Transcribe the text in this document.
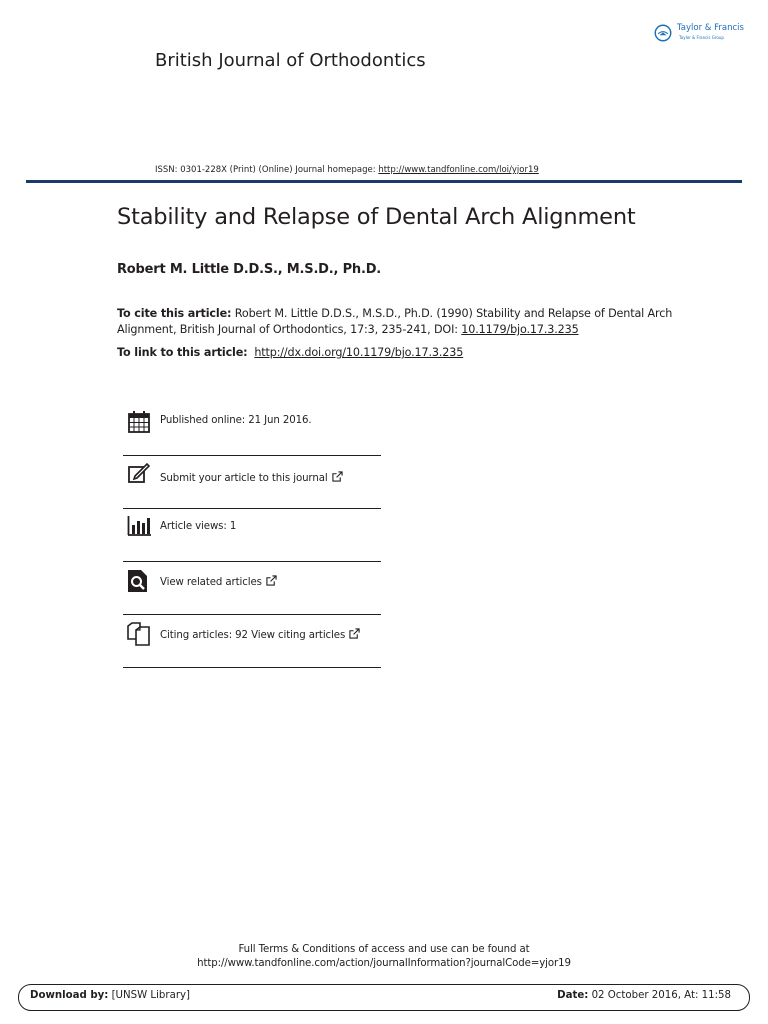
Taylor & Francis
Taylor & Francis Group
British Journal of Orthodontics
ISSN: 0301-228X (Print) (Online) Journal homepage: http://www.tandfonline.com/loi/yjor19
Stability and Relapse of Dental Arch Alignment
Robert M. Little D.D.S., M.S.D., Ph.D.
To cite this article: Robert M. Little D.D.S., M.S.D., Ph.D. (1990) Stability and Relapse of Dental Arch Alignment, British Journal of Orthodontics, 17:3, 235-241, DOI: 10.1179/bjo.17.3.235
To link to this article: http://dx.doi.org/10.1179/bjo.17.3.235
Published online: 21 Jun 2016.
Submit your article to this journal
Article views: 1
View related articles
Citing articles: 92 View citing articles
Full Terms & Conditions of access and use can be found at
http://www.tandfonline.com/action/journalInformation?journalCode=yjor19
Download by: [UNSW Library]	Date: 02 October 2016, At: 11:58
